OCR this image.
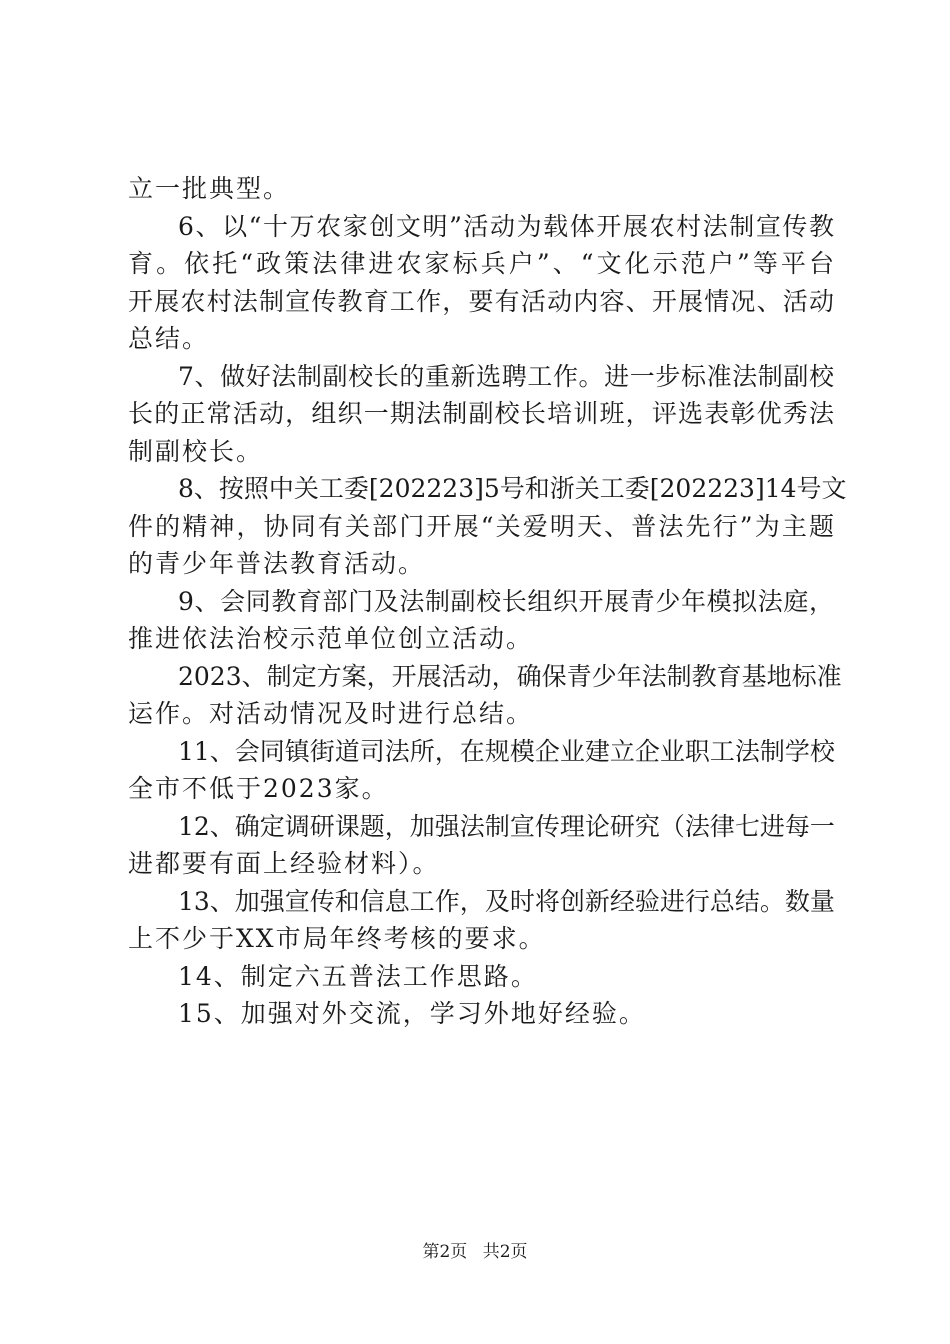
立一批典型。
6、以“十万农家创文明”活动为载体开展农村法制宣传教
育。依托“政策法律进农家标兵户”、“文化示范户”等平台
开展农村法制宣传教育工作，要有活动内容、开展情况、活动
总结。
7、做好法制副校长的重新选聘工作。进一步标准法制副校
长的正常活动，组织一期法制副校长培训班，评选表彰优秀法
制副校长。
8、按照中关工委[202223]5号和浙关工委[202223]14号文
件的精神，协同有关部门开展“关爱明天、普法先行”为主题
的青少年普法教育活动。
9、会同教育部门及法制副校长组织开展青少年模拟法庭，
推进依法治校示范单位创立活动。
2023、制定方案，开展活动，确保青少年法制教育基地标准
运作。对活动情况及时进行总结。
11、会同镇街道司法所，在规模企业建立企业职工法制学校
全市不低于2023家。
12、确定调研课题，加强法制宣传理论研究（法律七进每一
进都要有面上经验材料）。
13、加强宣传和信息工作，及时将创新经验进行总结。数量
上不少于XX市局年终考核的要求。
14、制定六五普法工作思路。
15、加强对外交流，学习外地好经验。
第2页 共2页
